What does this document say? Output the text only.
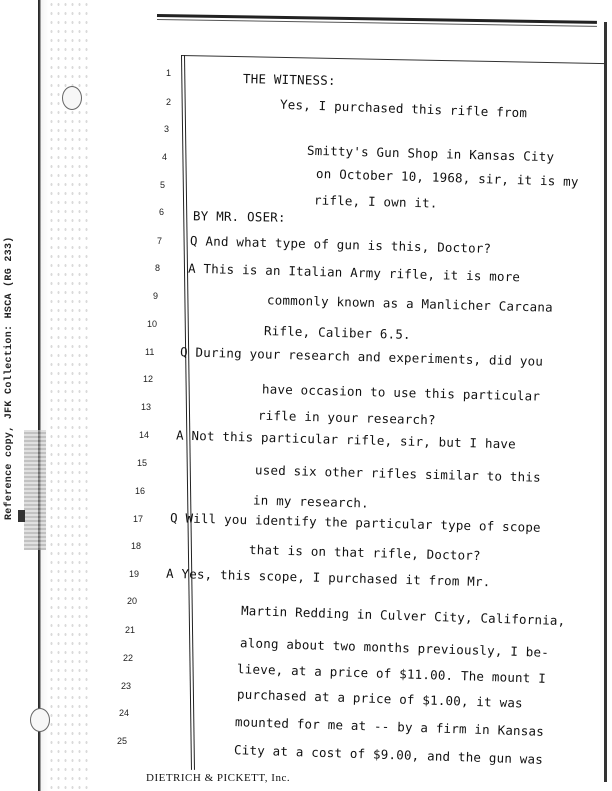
Reference copy, JFK Collection: HSCA (RG 233)
1
2
3
4
5
6
7
8
9
10
11
12
13
14
15
16
17
18
19
20
21
22
23
24
25
THE WITNESS:
Yes, I purchased this rifle from
Smitty's Gun Shop in Kansas City
on October 10, 1968, sir, it is my
rifle, I own it.
BY MR. OSER:
Q And what type of gun is this, Doctor?
A This is an Italian Army rifle, it is more
commonly known as a Manlicher Carcana
Rifle, Caliber 6.5.
Q During your research and experiments, did you
have occasion to use this particular
rifle in your research?
A Not this particular rifle, sir, but I have
used six other rifles similar to this
in my research.
Q Will you identify the particular type of scope
that is on that rifle, Doctor?
A Yes, this scope, I purchased it from Mr.
Martin Redding in Culver City, California,
along about two months previously, I be-
lieve, at a price of $11.00. The mount I
purchased at a price of $1.00, it was
mounted for me at -- by a firm in Kansas
City at a cost of $9.00, and the gun was
DIETRICH & PICKETT, Inc.
